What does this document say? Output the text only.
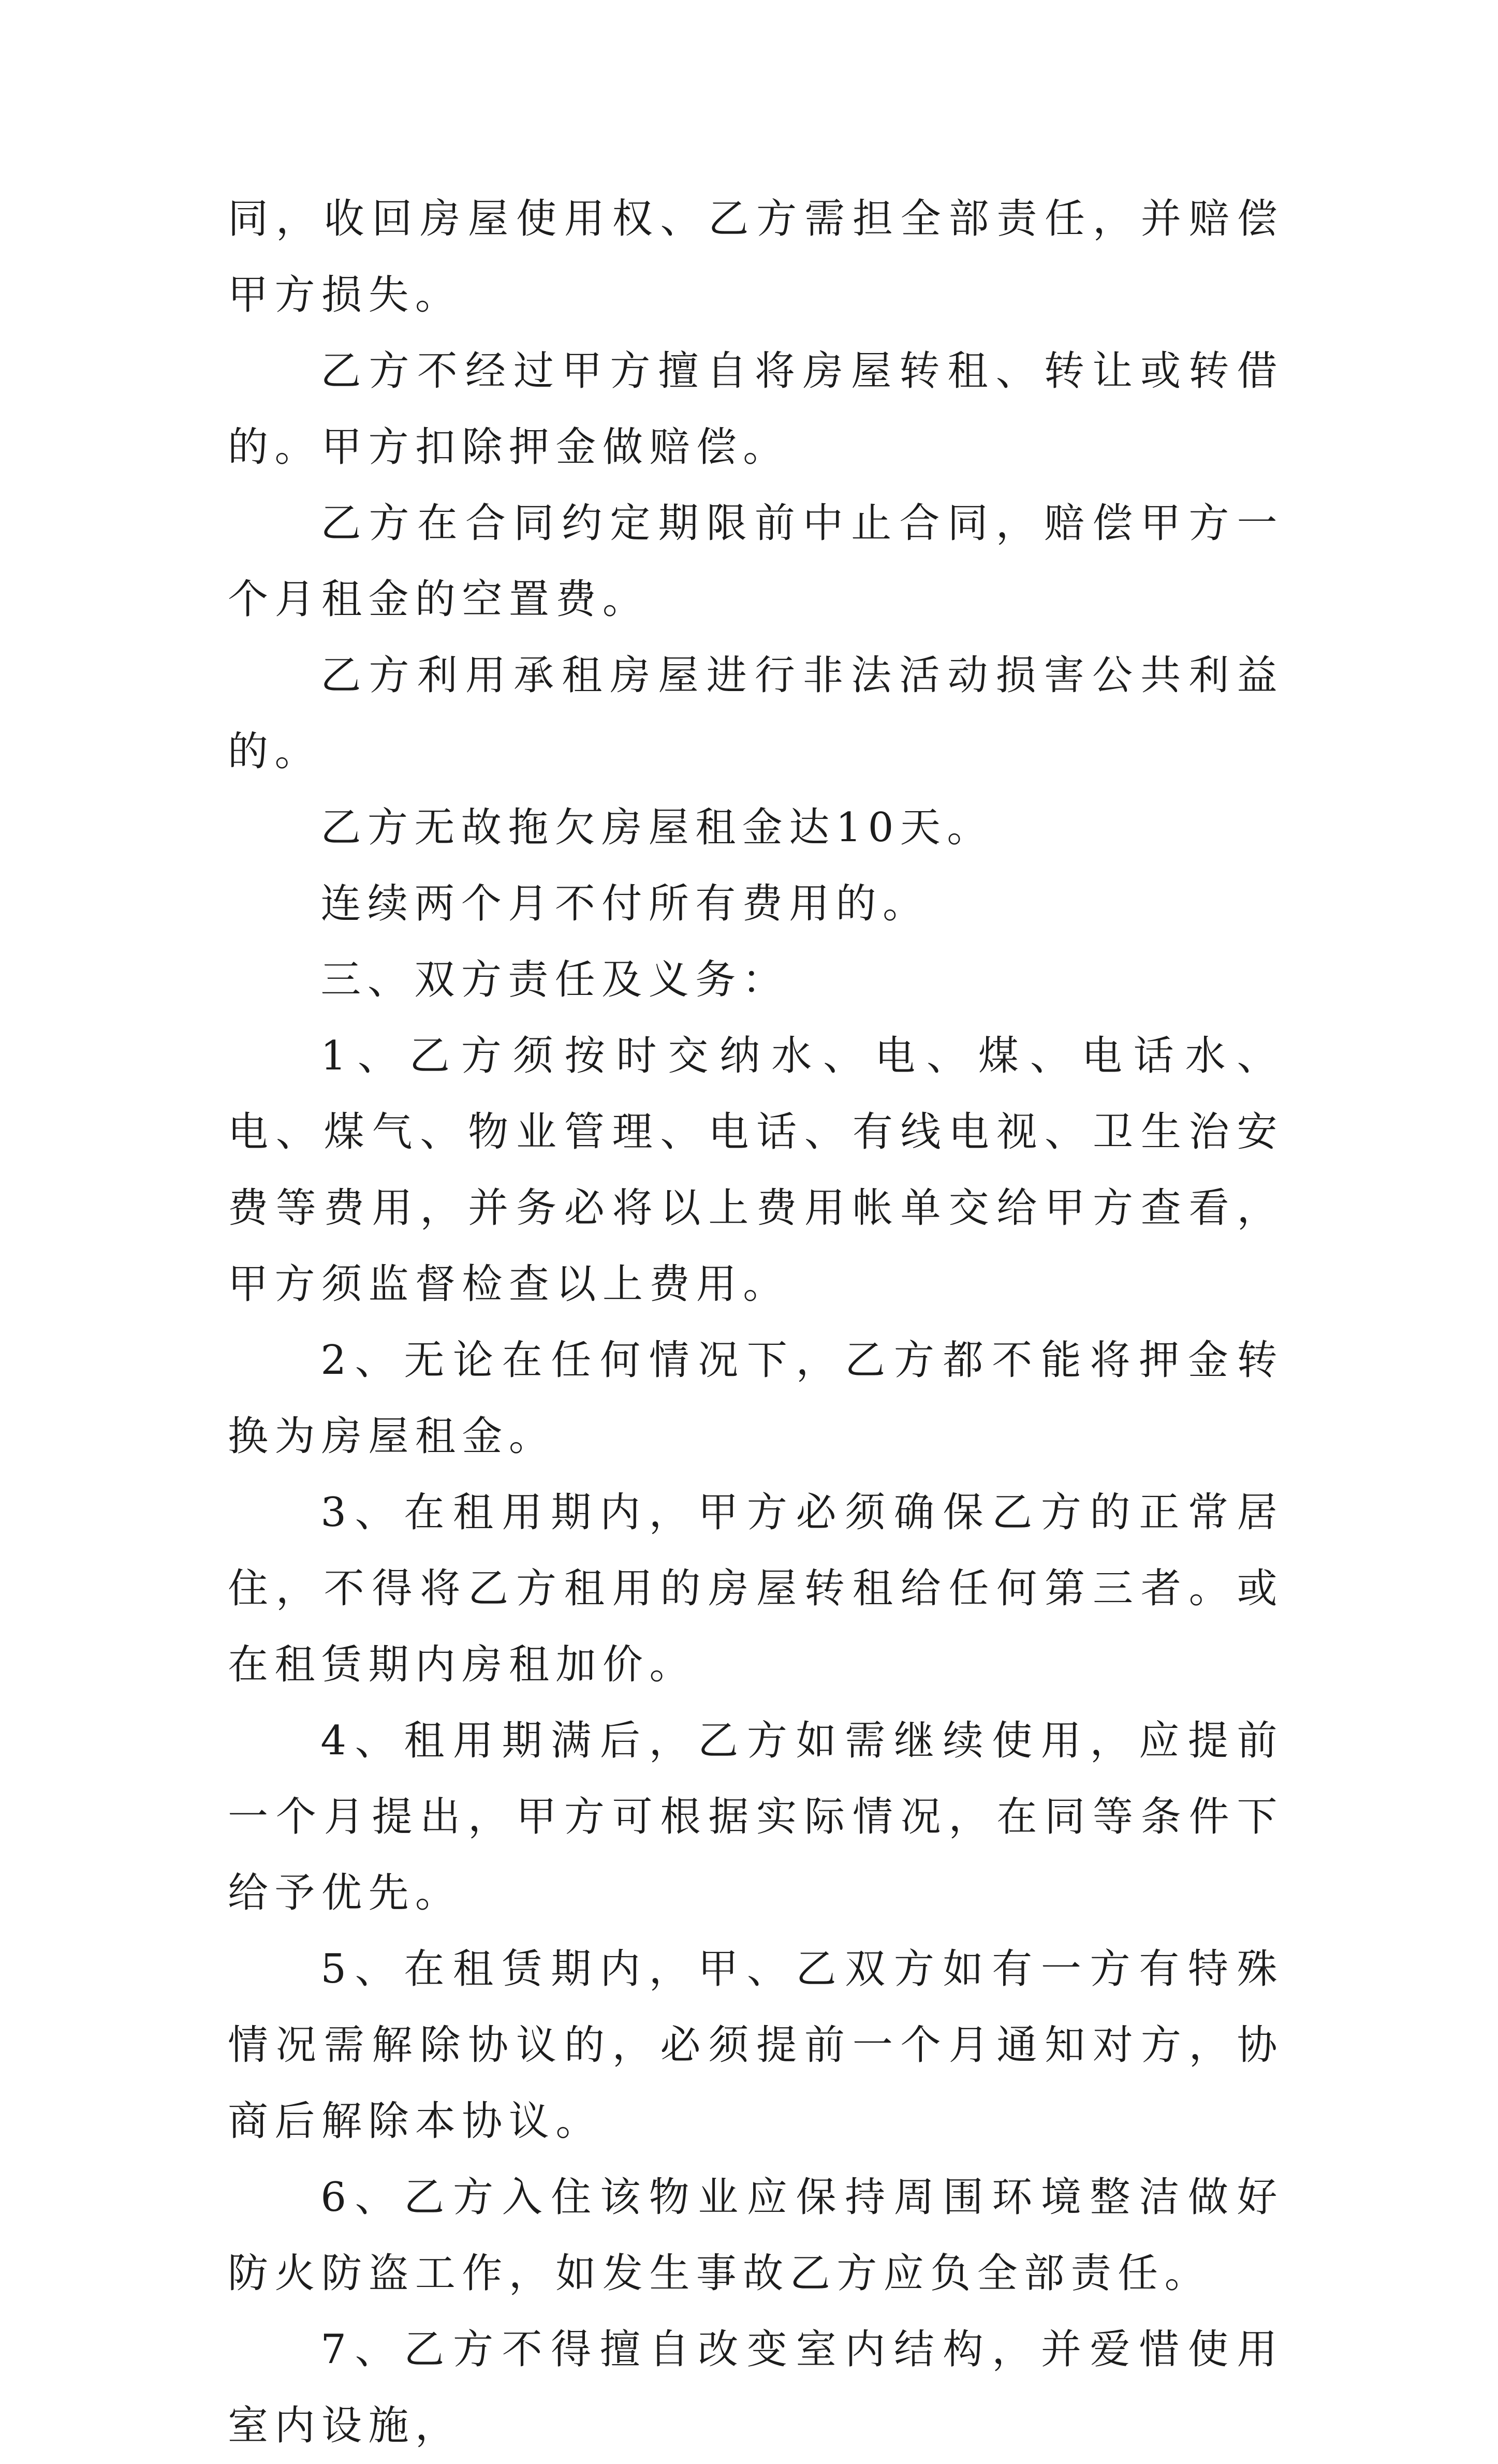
同，收回房屋使用权、乙方需担全部责任，并赔偿甲方损失。

乙方不经过甲方擅自将房屋转租、转让或转借的。甲方扣除押金做赔偿。

乙方在合同约定期限前中止合同，赔偿甲方一个月租金的空置费。

乙方利用承租房屋进行非法活动损害公共利益的。

乙方无故拖欠房屋租金达10天。

连续两个月不付所有费用的。

三、双方责任及义务：

1、乙方须按时交纳水、电、煤、电话水、电、煤气、物业管理、电话、有线电视、卫生治安费等费用，并务必将以上费用帐单交给甲方查看，甲方须监督检查以上费用。

2、无论在任何情况下，乙方都不能将押金转换为房屋租金。

3、在租用期内，甲方必须确保乙方的正常居住，不得将乙方租用的房屋转租给任何第三者。或在租赁期内房租加价。

4、租用期满后，乙方如需继续使用，应提前一个月提出，甲方可根据实际情况，在同等条件下给予优先。

5、在租赁期内，甲、乙双方如有一方有特殊情况需解除协议的，必须提前一个月通知对方，协商后解除本协议。

6、乙方入住该物业应保持周围环境整洁做好防火防盗工作，如发生事故乙方应负全部责任。

7、乙方不得擅自改变室内结构，并爱惜使用室内设施，
